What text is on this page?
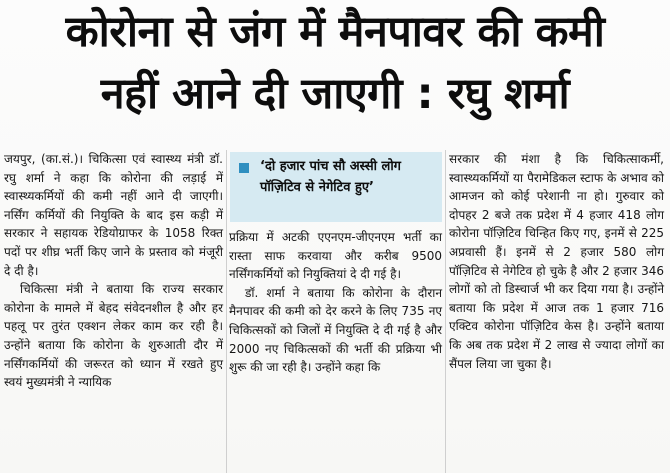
कोरोना से जंग में मैनपावर की कमी
नहीं आने दी जाएगी : रघु शर्मा

जयपुर, (का.सं.)। चिकित्सा एवं स्वास्थ्य मंत्री डॉ. रघु शर्मा ने कहा कि कोरोना की लड़ाई में स्वास्थ्यकर्मियों की कमी नहीं आने दी जाएगी। नर्सिंग कर्मियों की नियुक्ति के बाद इस कड़ी में सरकार ने सहायक रेडियोग्राफर के 1058 रिक्त पदों पर शीघ्र भर्ती किए जाने के प्रस्ताव को मंजूरी दे दी है।

चिकित्सा मंत्री ने बताया कि राज्य सरकार कोरोना के मामले में बेहद संवेदनशील है और हर पहलू पर तुरंत एक्शन लेकर काम कर रही है। उन्होंने बताया कि कोरोना के शुरुआती दौर में नर्सिंगकर्मियों की जरूरत को ध्यान में रखते हुए स्वयं मुख्यमंत्री ने न्यायिक

‘दो हजार पांच सौ अस्सी लोग पॉज़िटिव से नेगेटिव हुए’

प्रक्रिया में अटकी एएनएम-जीएनएम भर्ती का रास्ता साफ करवाया और करीब 9500 नर्सिंगकर्मियों को नियुक्तियां दे दी गई है।

डॉ. शर्मा ने बताया कि कोरोना के दौरान मैनपावर की कमी को देर करने के लिए 735 नए चिकित्सकों को जिलों में नियुक्ति दे दी गई है और 2000 नए चिकित्सकों की भर्ती की प्रक्रिया भी शुरू की जा रही है। उन्होंने कहा कि

सरकार की मंशा है कि चिकित्साकर्मी, स्वास्थ्यकर्मियों या पैरामेडिकल स्टाफ के अभाव को आमजन को कोई परेशानी ना हो। गुरुवार को दोपहर 2 बजे तक प्रदेश में 4 हजार 418 लोग कोरोना पॉज़िटिव चिन्हित किए गए, इनमें से 225 अप्रवासी हैं। इनमें से 2 हजार 580 लोग पॉज़िटिव से नेगेटिव हो चुके है और 2 हजार 346 लोगों को तो डिस्चार्ज भी कर दिया गया है। उन्होंने बताया कि प्रदेश में आज तक 1 हजार 716 एक्टिव कोरोना पॉज़िटिव केस है। उन्होंने बताया कि अब तक प्रदेश में 2 लाख से ज्यादा लोगों का सैंपल लिया जा चुका है।
